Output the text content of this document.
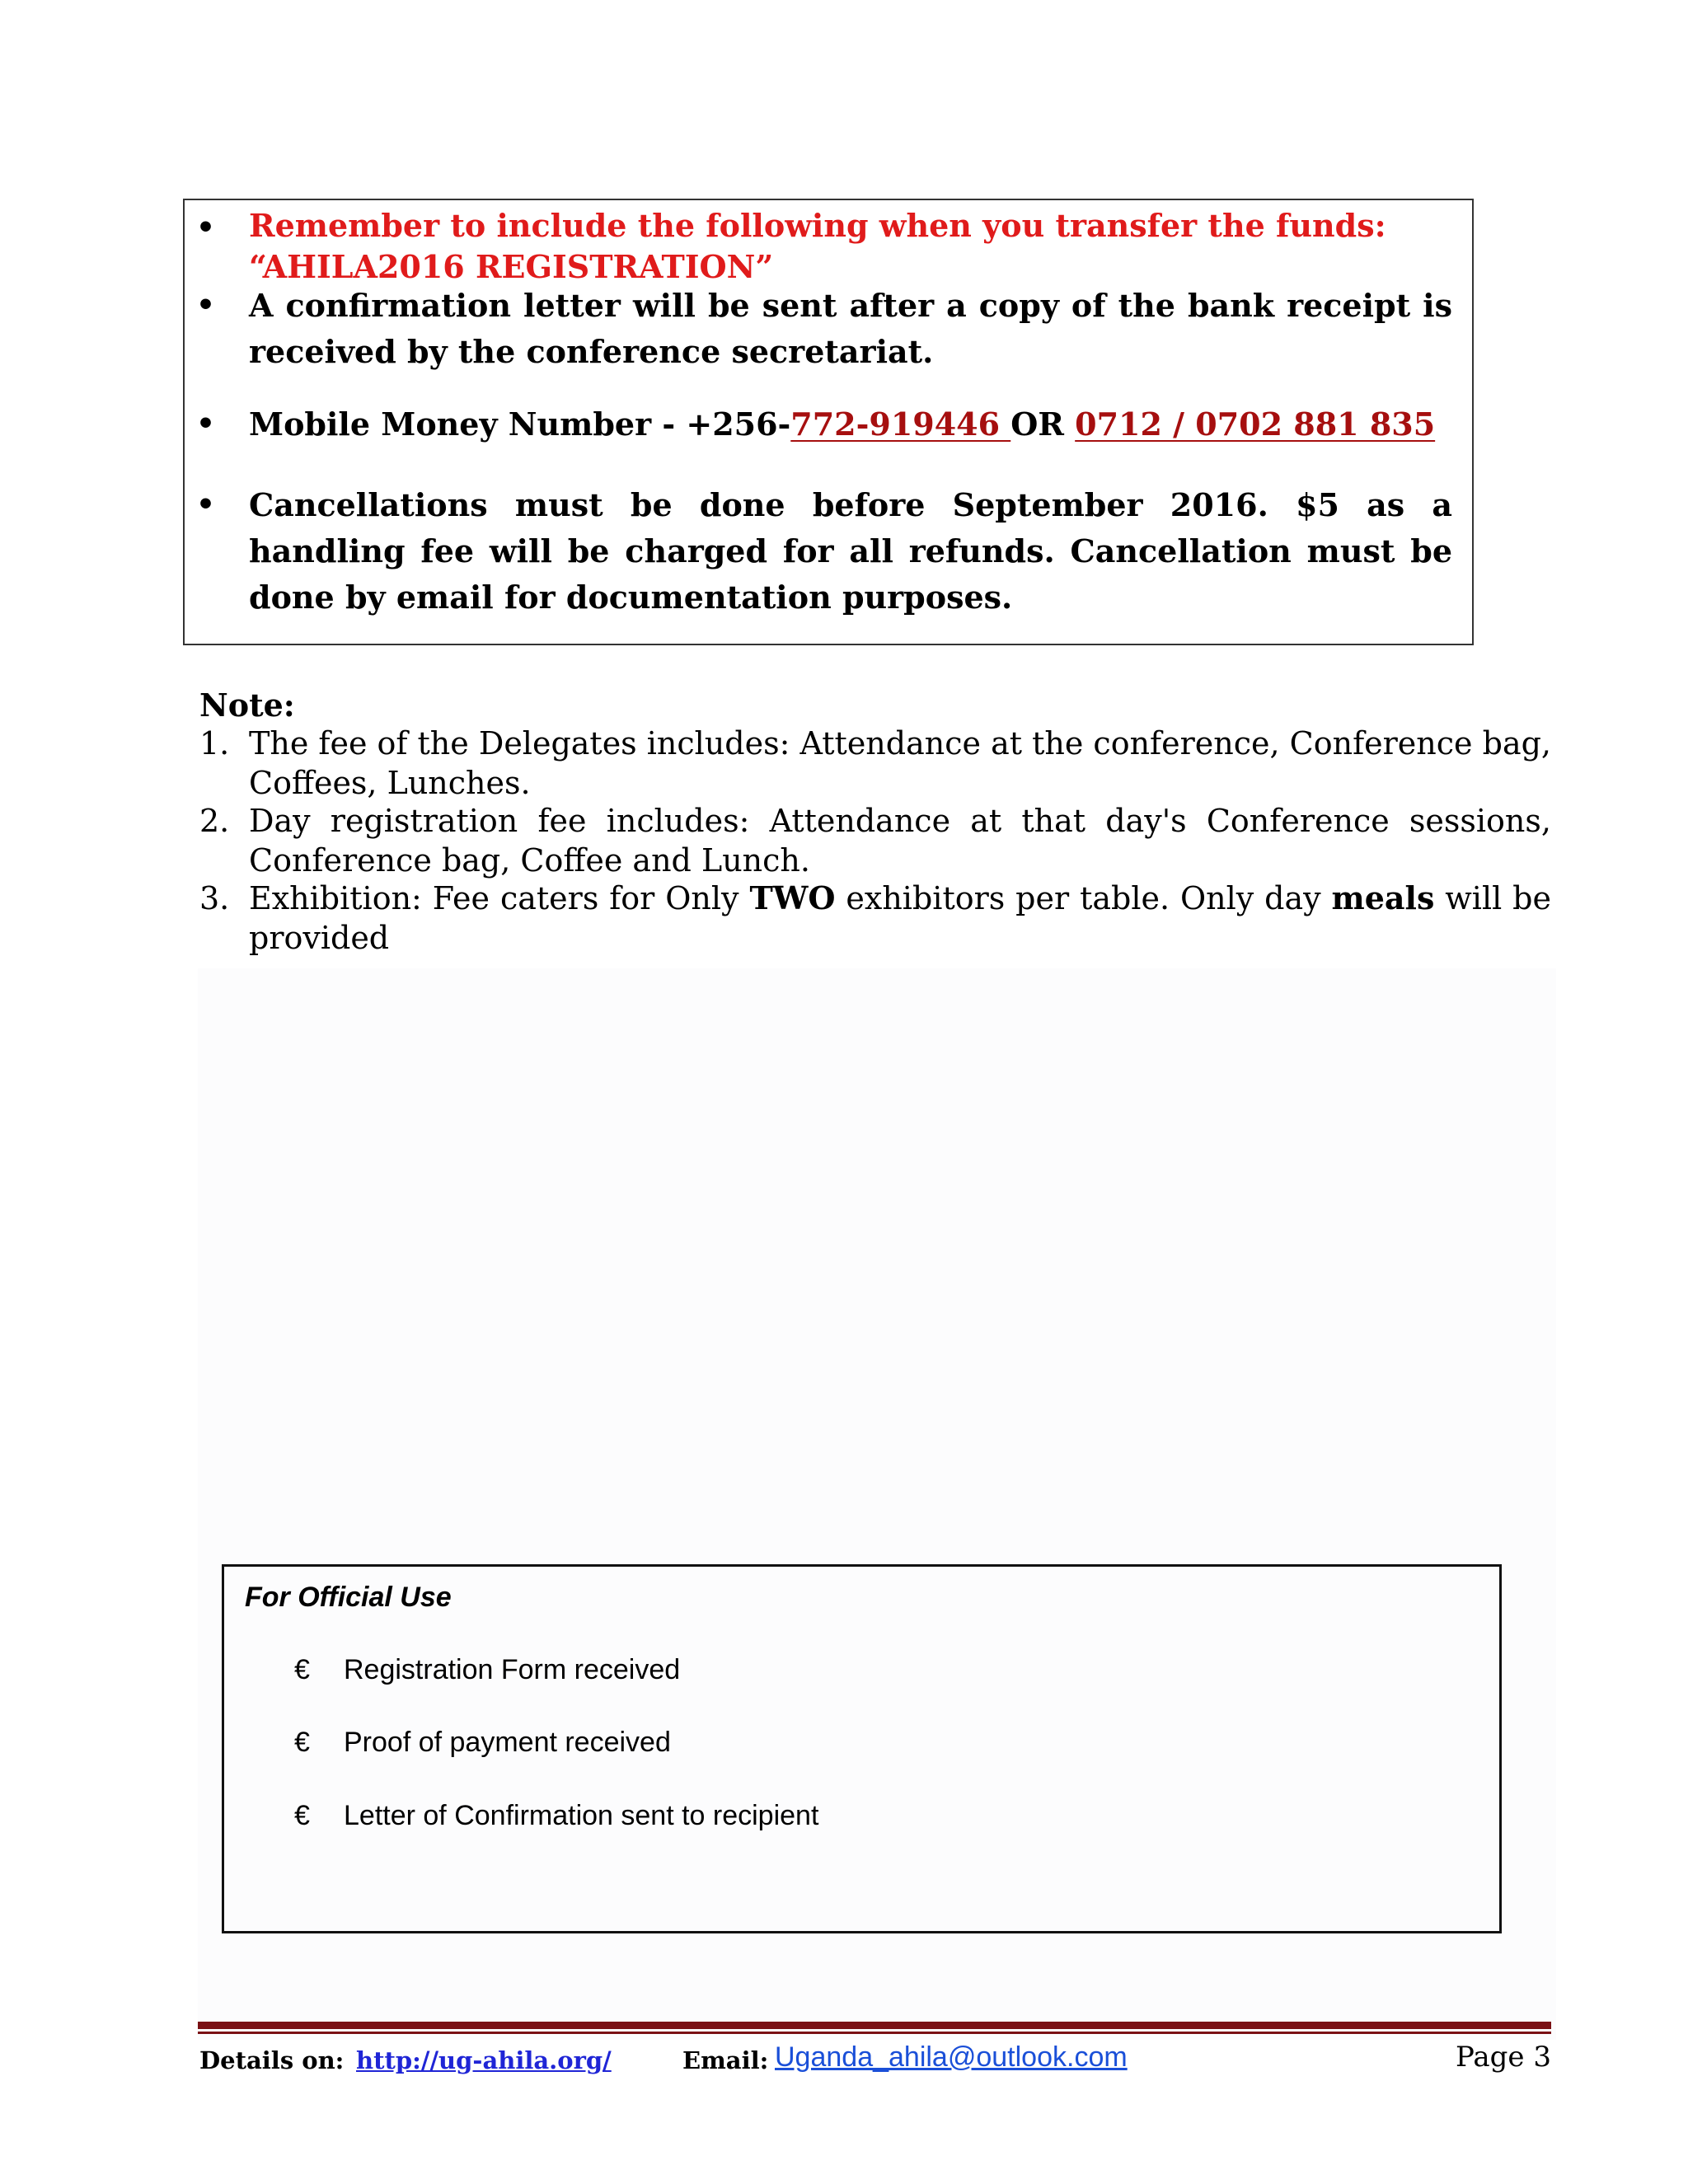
• Remember to include the following when you transfer the funds:
“AHILA2016 REGISTRATION”
• A confirmation letter will be sent after a copy of the bank receipt is received by the conference secretariat.
• Mobile Money Number - +256-772-919446 OR 0712 / 0702 881 835
• Cancellations must be done before September 2016. $5 as a handling fee will be charged for all refunds. Cancellation must be done by email for documentation purposes.
Note:
1. The fee of the Delegates includes: Attendance at the conference, Conference bag, Coffees, Lunches.
2. Day registration fee includes: Attendance at that day's Conference sessions, Conference bag, Coffee and Lunch.
3. Exhibition: Fee caters for Only TWO exhibitors per table. Only day meals will be provided
For Official Use
€ Registration Form received
€ Proof of payment received
€ Letter of Confirmation sent to recipient
Details on: http://ug-ahila.org/	Email: Uganda_ahila@outlook.com	Page 3
